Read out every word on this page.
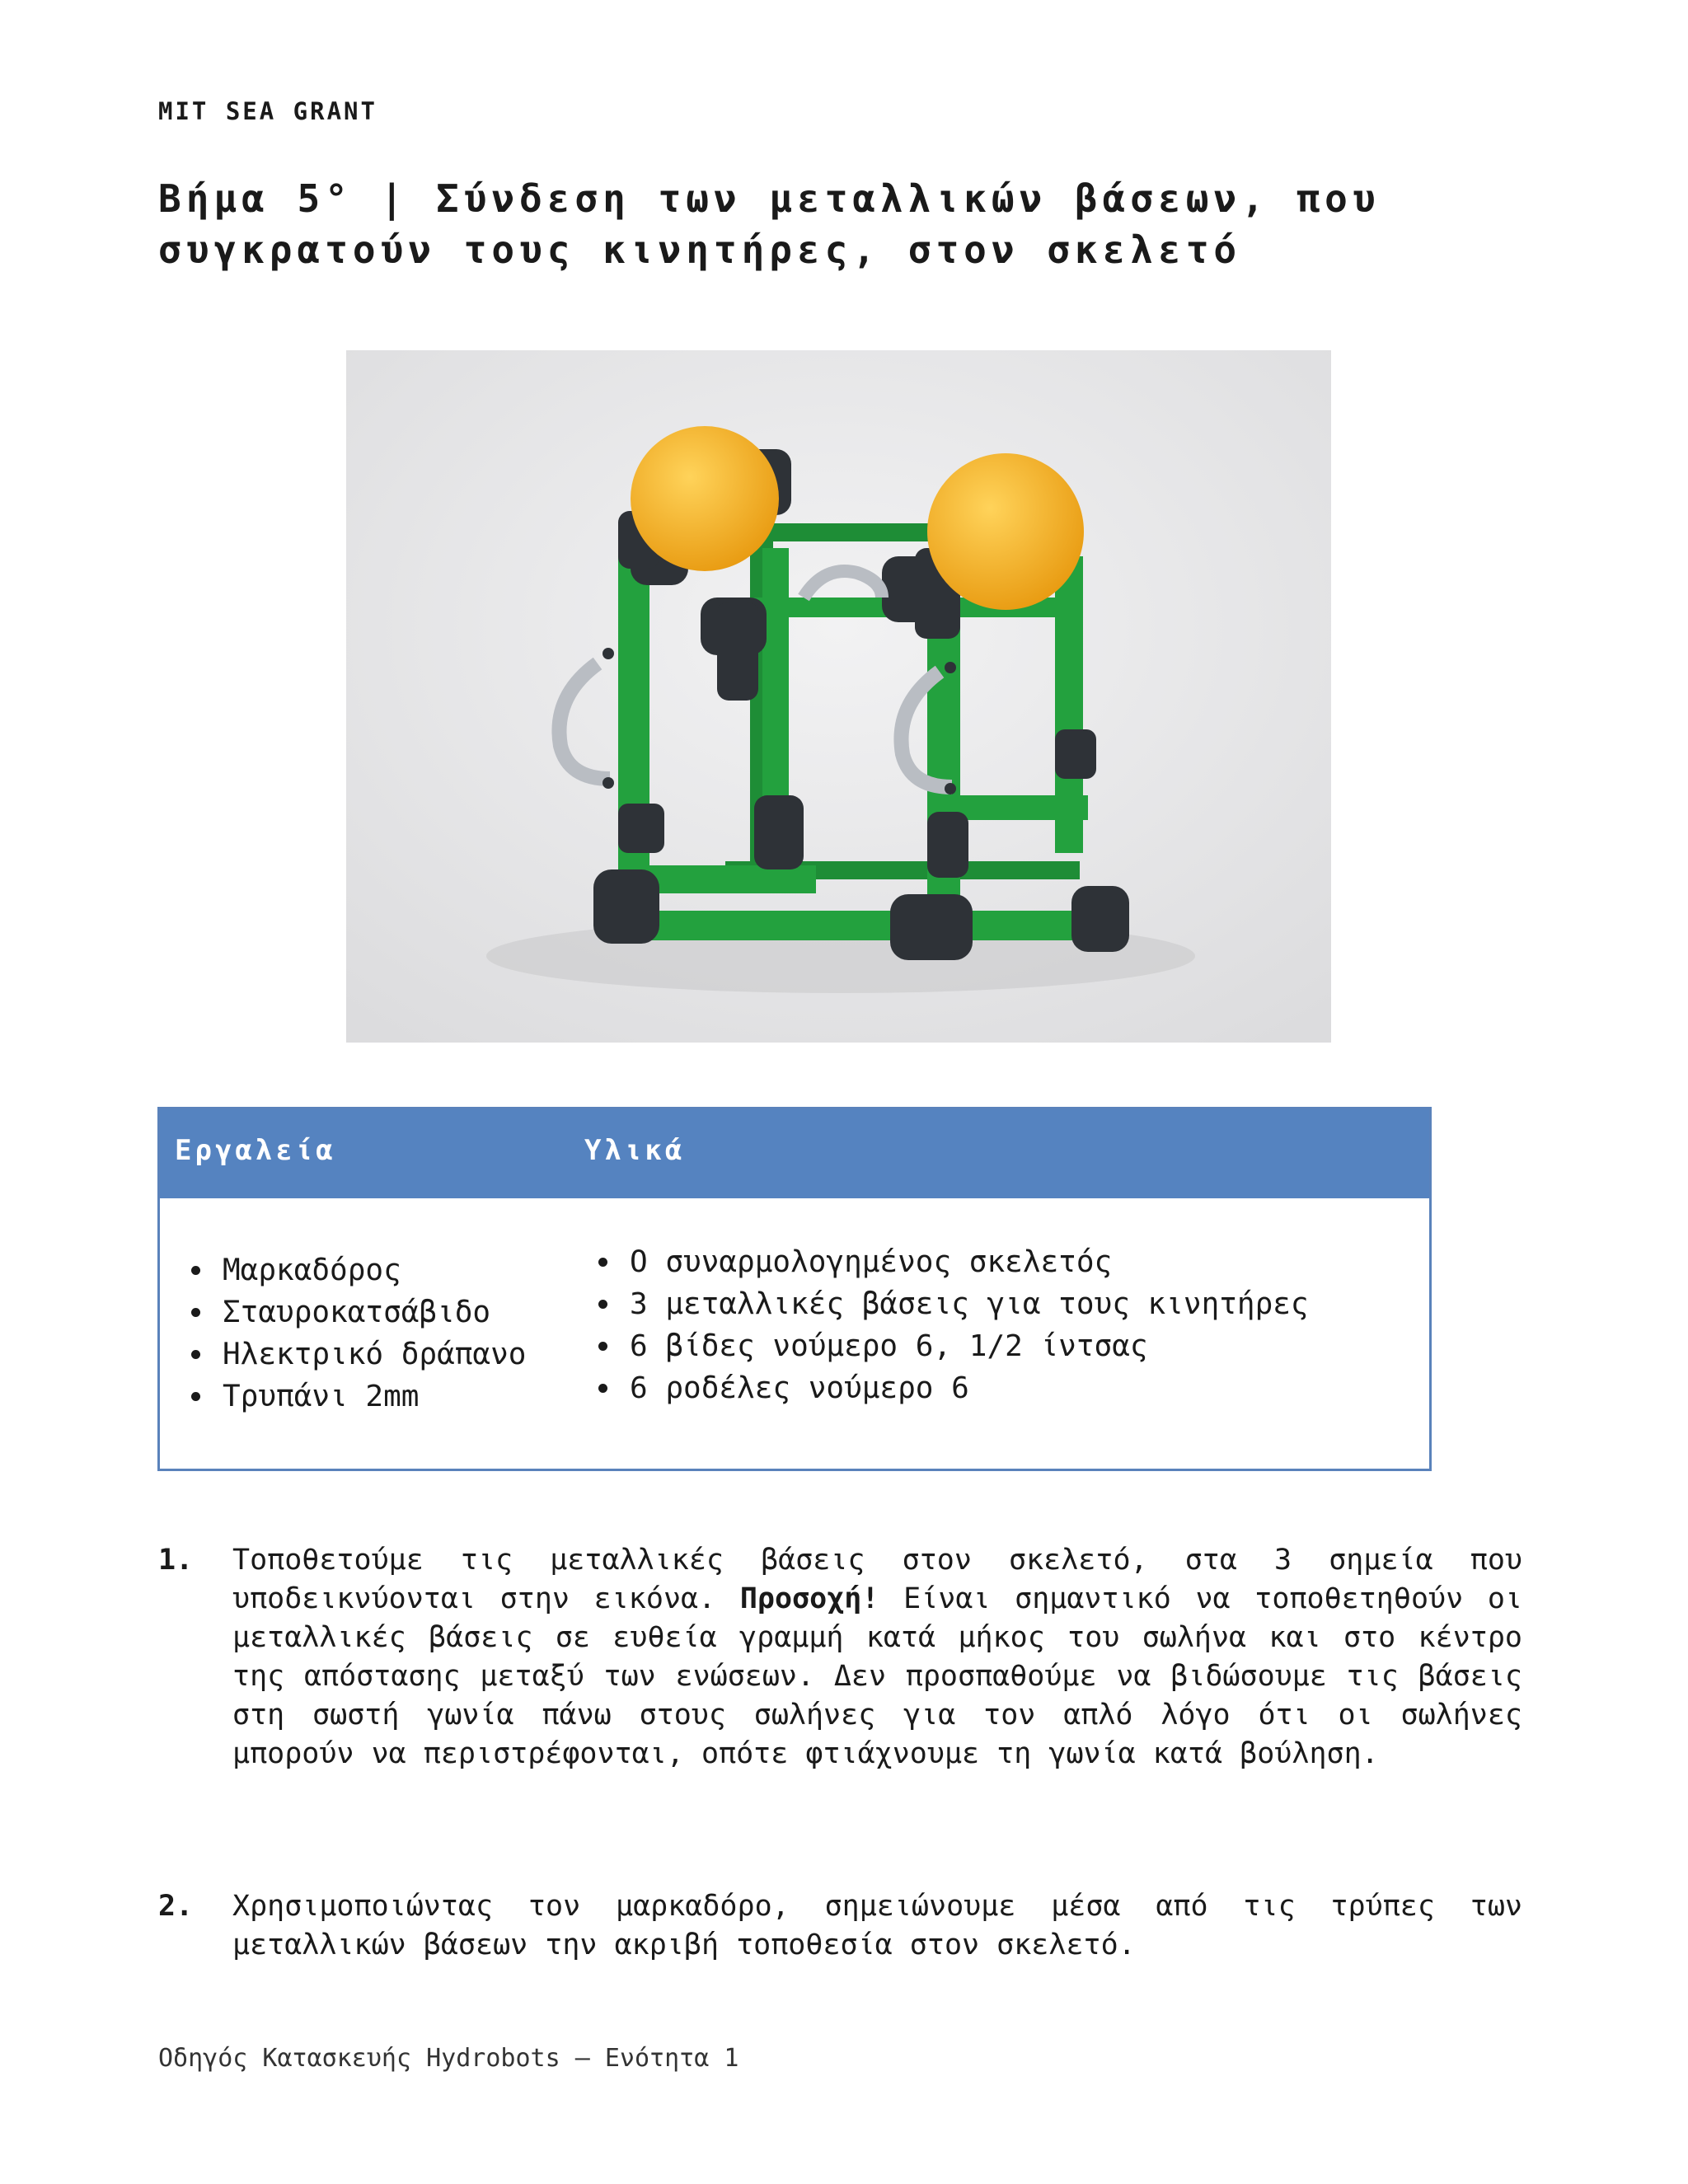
MIT SEA GRANT
Βήμα 5° | Σύνδεση των μεταλλικών βάσεων, που συγκρατούν τους κινητήρες, στον σκελετό
Εργαλεία	Υλικά
Μαρκαδόρος
Σταυροκατσάβιδο
Ηλεκτρικό δράπανο
Τρυπάνι 2mm
Ο συναρμολογημένος σκελετός
3 μεταλλικές βάσεις για τους κινητήρες
6 βίδες νούμερο 6, 1/2 ίντσας
6 ροδέλες νούμερο 6
1. Τοποθετούμε τις μεταλλικές βάσεις στον σκελετό, στα 3 σημεία που υποδεικνύονται στην εικόνα. Προσοχή! Είναι σημαντικό να τοποθετηθούν οι μεταλλικές βάσεις σε ευθεία γραμμή κατά μήκος του σωλήνα και στο κέντρο της απόστασης μεταξύ των ενώσεων. Δεν προσπαθούμε να βιδώσουμε τις βάσεις στη σωστή γωνία πάνω στους σωλήνες για τον απλό λόγο ότι οι σωλήνες μπορούν να περιστρέφονται, οπότε φτιάχνουμε τη γωνία κατά βούληση.

2. Χρησιμοποιώντας τον μαρκαδόρο, σημειώνουμε μέσα από τις τρύπες των μεταλλικών βάσεων την ακριβή τοποθεσία στον σκελετό.

Οδηγός Κατασκευής Hydrobots – Ενότητα 1
